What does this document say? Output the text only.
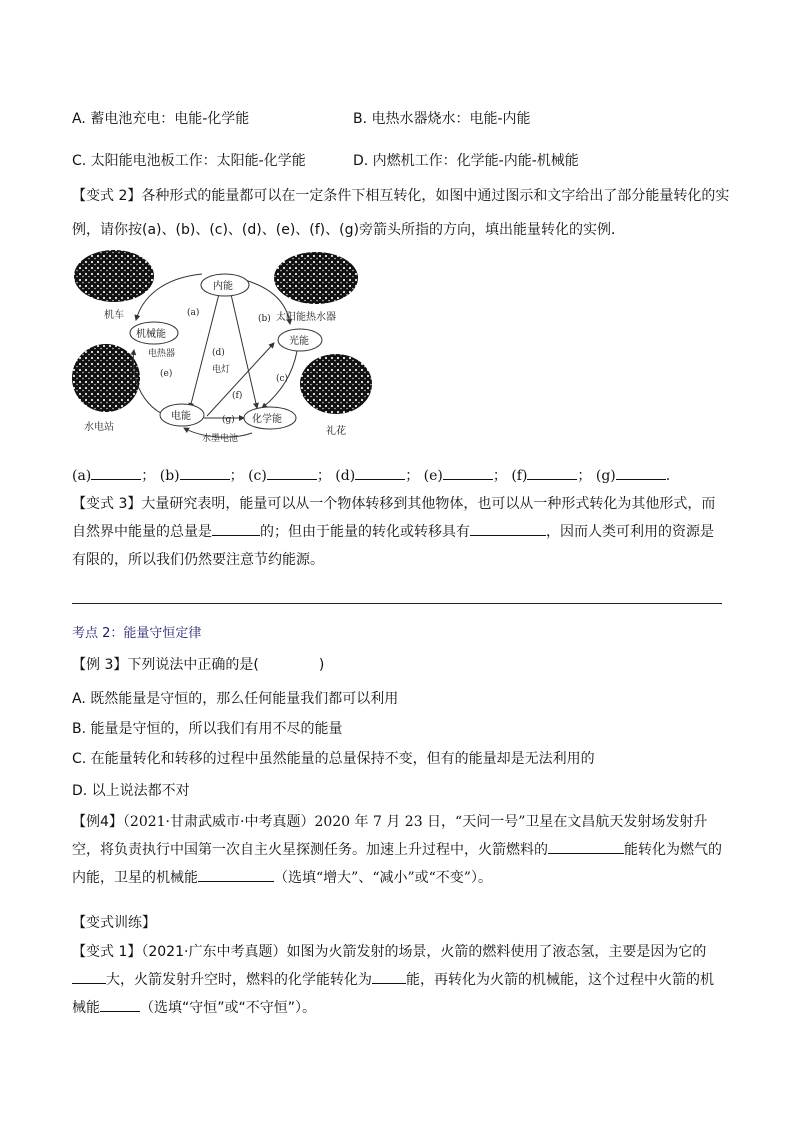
A. 蓄电池充电：电能-化学能	B. 电热水器烧水：电能-内能
C. 太阳能电池板工作：太阳能-化学能	D. 内燃机工作：化学能-内能-机械能
【变式 2】各种形式的能量都可以在一定条件下相互转化，如图中通过图示和文字给出了部分能量转化的实
例，请你按(a)、(b)、(c)、(d)、(e)、(f)、(g)旁箭头所指的方向，填出能量转化的实例．
机车	太阳能热水器
水电站	礼花
内能
机械能
光能
电能	化学能
(a)
(b)
(c)
(d)
(e)
(f)
(g)
电热器
电灯
水墨电池
(a)	； (b)	； (c)	； (d)	； (e)	； (f)	； (g)	.
【变式 3】大量研究表明，能量可以从一个物体转移到其他物体，也可以从一种形式转化为其他形式，而自然界中能量的总量是	的；但由于能量的转化或转移具有	，因而人类可利用的资源是有限的，所以我们仍然要注意节约能源。
考点 2：能量守恒定律
【例 3】下列说法中正确的是(	)
A. 既然能量是守恒的，那么任何能量我们都可以利用
B. 能量是守恒的，所以我们有用不尽的能量
C. 在能量转化和转移的过程中虽然能量的总量保持不变，但有的能量却是无法利用的
D. 以上说法都不对
【例4】（2021·甘肃武威市·中考真题）2020 年 7 月 23 日，“天问一号”卫星在文昌航天发射场发射升空，将负责执行中国第一次自主火星探测任务。加速上升过程中，火箭燃料的	能转化为燃气的内能，卫星的机械能	（选填“增大”、“减小”或“不变”）。
【变式训练】
【变式 1】（2021·广东中考真题）如图为火箭发射的场景，火箭的燃料使用了液态氢，主要是因为它的大，火箭发射升空时，燃料的化学能转化为 能，再转化为火箭的机械能，这个过程中火箭的机械能	（选填“守恒”或“不守恒”）。
